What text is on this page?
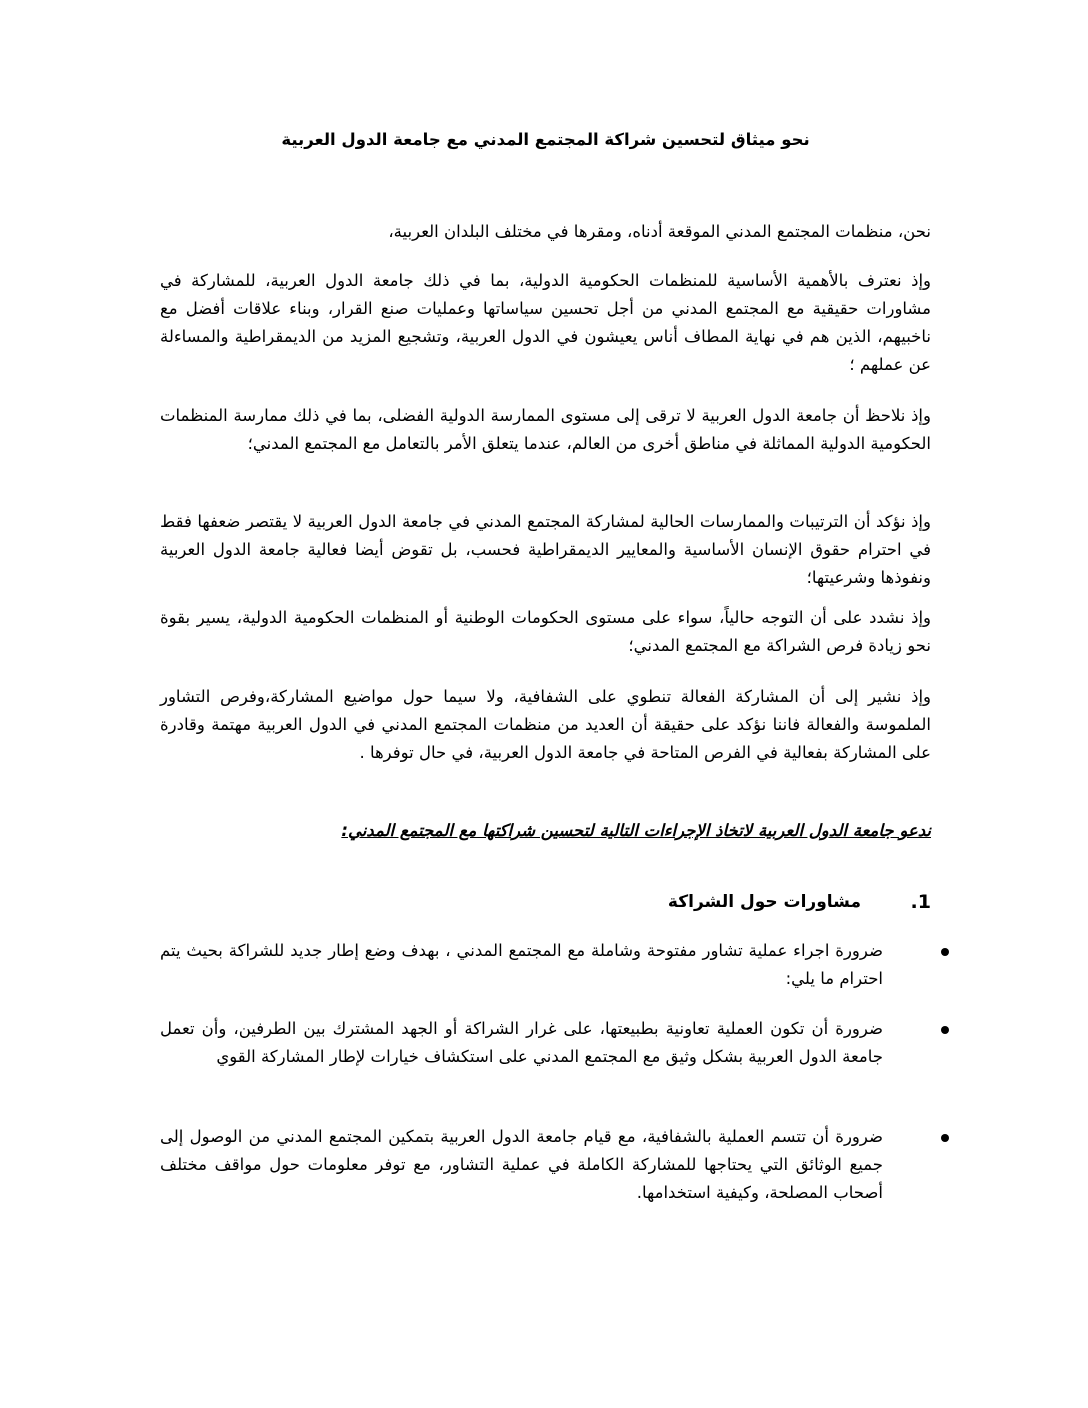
نحو ميثاق لتحسين شراكة المجتمع المدني مع جامعة الدول العربية

نحن، منظمات المجتمع المدني الموقعة أدناه، ومقرها في مختلف البلدان العربية،

وإذ نعترف بالأهمية الأساسية للمنظمات الحكومية الدولية، بما في ذلك جامعة الدول العربية، للمشاركة في مشاورات حقيقية مع المجتمع المدني من أجل تحسين سياساتها وعمليات صنع القرار، وبناء علاقات أفضل مع ناخبيهم، الذين هم في نهاية المطاف أناس يعيشون في الدول العربية، وتشجيع المزيد من الديمقراطية والمساءلة عن عملهم ؛

وإذ نلاحظ أن جامعة الدول العربية لا ترقى إلى مستوى الممارسة الدولية الفضلى، بما في ذلك ممارسة المنظمات الحكومية الدولية المماثلة في مناطق أخرى من العالم، عندما يتعلق الأمر بالتعامل مع المجتمع المدني؛

وإذ نؤكد أن الترتيبات والممارسات الحالية لمشاركة المجتمع المدني في جامعة الدول العربية لا يقتصر ضعفها فقط في احترام حقوق الإنسان الأساسية والمعايير الديمقراطية فحسب، بل تقوض أيضا فعالية جامعة الدول العربية ونفوذها وشرعيتها؛

وإذ نشدد على أن التوجه حالياً، سواء على مستوى الحكومات الوطنية أو المنظمات الحكومية الدولية، يسير بقوة نحو زيادة فرص الشراكة مع المجتمع المدني؛

وإذ نشير إلى أن المشاركة الفعالة تنطوي على الشفافية، ولا سيما حول مواضيع المشاركة،وفرص التشاور الملموسة والفعالة فاننا نؤكد على حقيقة أن العديد من منظمات المجتمع المدني في الدول العربية مهتمة وقادرة على المشاركة بفعالية في الفرص المتاحة في جامعة الدول العربية، في حال توفرها .

ندعو جامعة الدول العربية لاتخاذ الإجراءات التالية لتحسين شراكتها مع المجتمع المدني:

1.
مشاورات حول الشراكة
ضرورة اجراء عملية تشاور مفتوحة وشاملة مع المجتمع المدني ، بهدف وضع إطار جديد للشراكة بحيث يتم احترام ما يلي:
ضرورة أن تكون العملية تعاونية بطبيعتها، على غرار الشراكة أو الجهد المشترك بين الطرفين، وأن تعمل جامعة الدول العربية بشكل وثيق مع المجتمع المدني على استكشاف خيارات لإطار المشاركة القوي
ضرورة أن تتسم العملية بالشفافية، مع قيام جامعة الدول العربية بتمكين المجتمع المدني من الوصول إلى جميع الوثائق التي يحتاجها للمشاركة الكاملة في عملية التشاور، مع توفر معلومات حول مواقف مختلف أصحاب المصلحة، وكيفية استخدامها.
